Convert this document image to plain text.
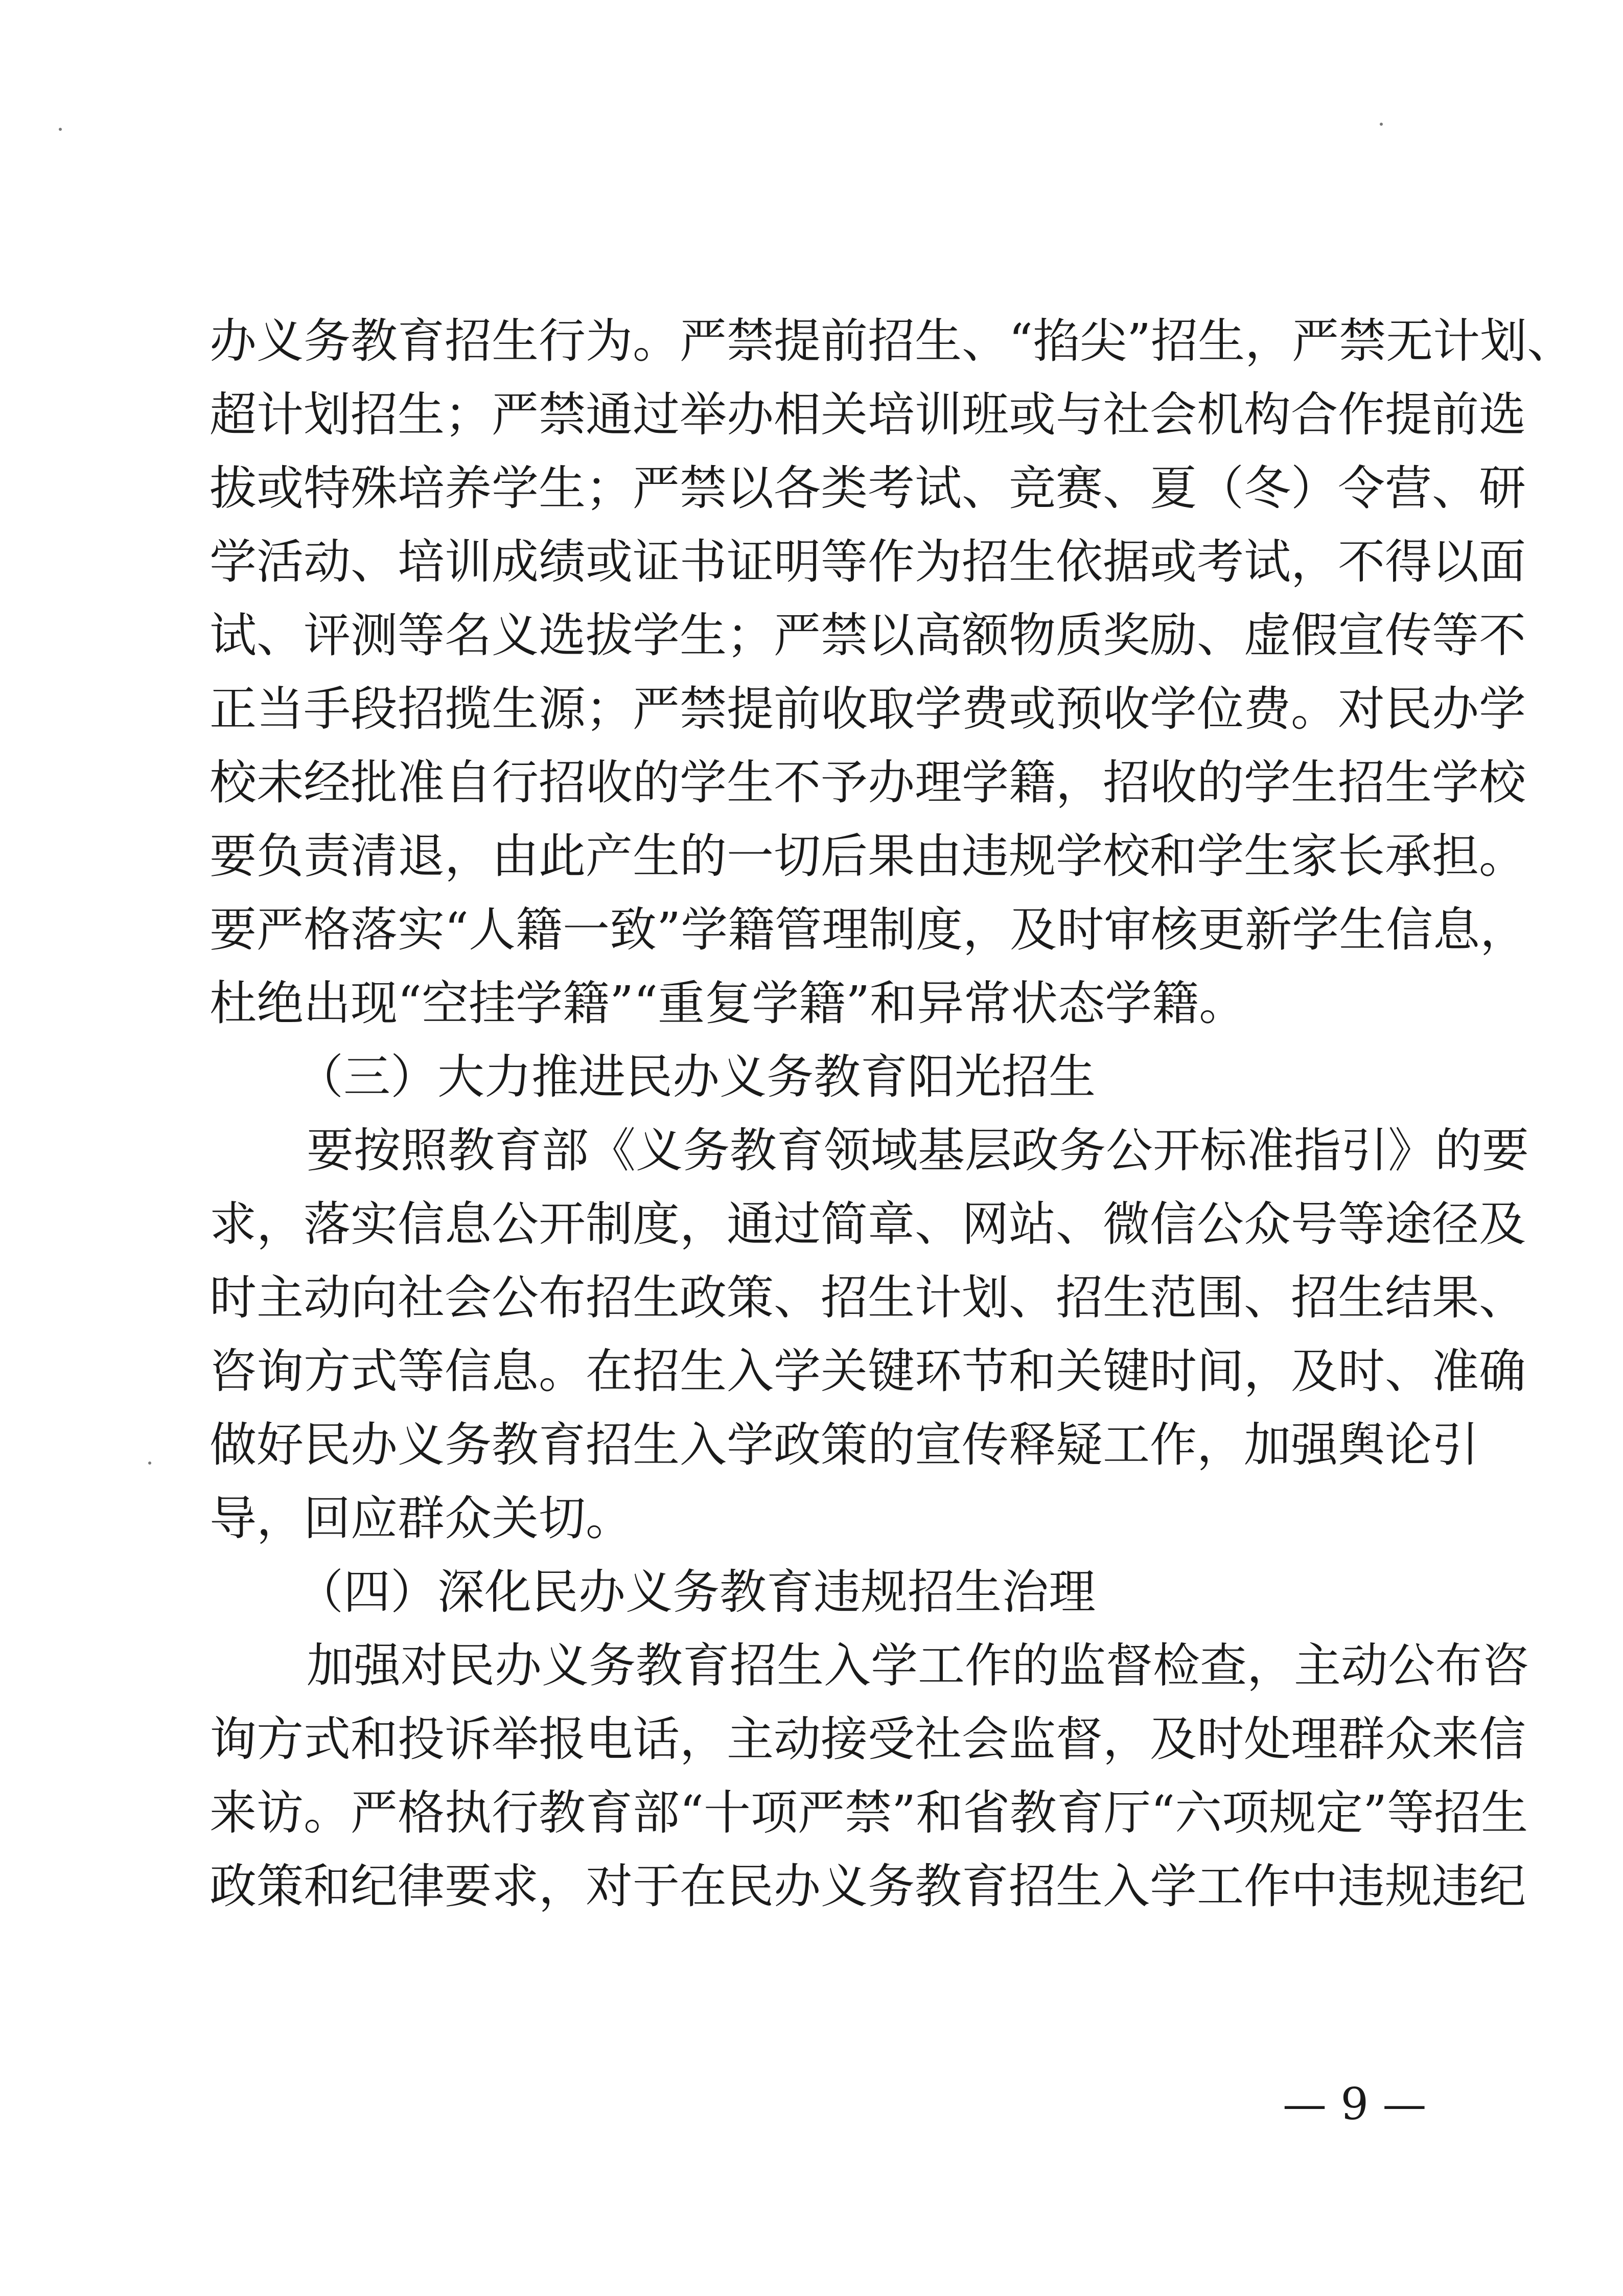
办义务教育招生行为。严禁提前招生、“掐尖”招生，严禁无计划、
超计划招生；严禁通过举办相关培训班或与社会机构合作提前选
拔或特殊培养学生；严禁以各类考试、竞赛、夏（冬）令营、研
学活动、培训成绩或证书证明等作为招生依据或考试，不得以面
试、评测等名义选拔学生；严禁以高额物质奖励、虚假宣传等不
正当手段招揽生源；严禁提前收取学费或预收学位费。对民办学
校未经批准自行招收的学生不予办理学籍，招收的学生招生学校
要负责清退，由此产生的一切后果由违规学校和学生家长承担。
要严格落实“人籍一致”学籍管理制度，及时审核更新学生信息，
杜绝出现“空挂学籍”“重复学籍”和异常状态学籍。
（三）大力推进民办义务教育阳光招生
要按照教育部《义务教育领域基层政务公开标准指引》的要
求，落实信息公开制度，通过简章、网站、微信公众号等途径及
时主动向社会公布招生政策、招生计划、招生范围、招生结果、
咨询方式等信息。在招生入学关键环节和关键时间，及时、准确
做好民办义务教育招生入学政策的宣传释疑工作，加强舆论引
导，回应群众关切。
（四）深化民办义务教育违规招生治理
加强对民办义务教育招生入学工作的监督检查，主动公布咨
询方式和投诉举报电话，主动接受社会监督，及时处理群众来信
来访。严格执行教育部“十项严禁”和省教育厅“六项规定”等招生
政策和纪律要求，对于在民办义务教育招生入学工作中违规违纪
— 9 —
